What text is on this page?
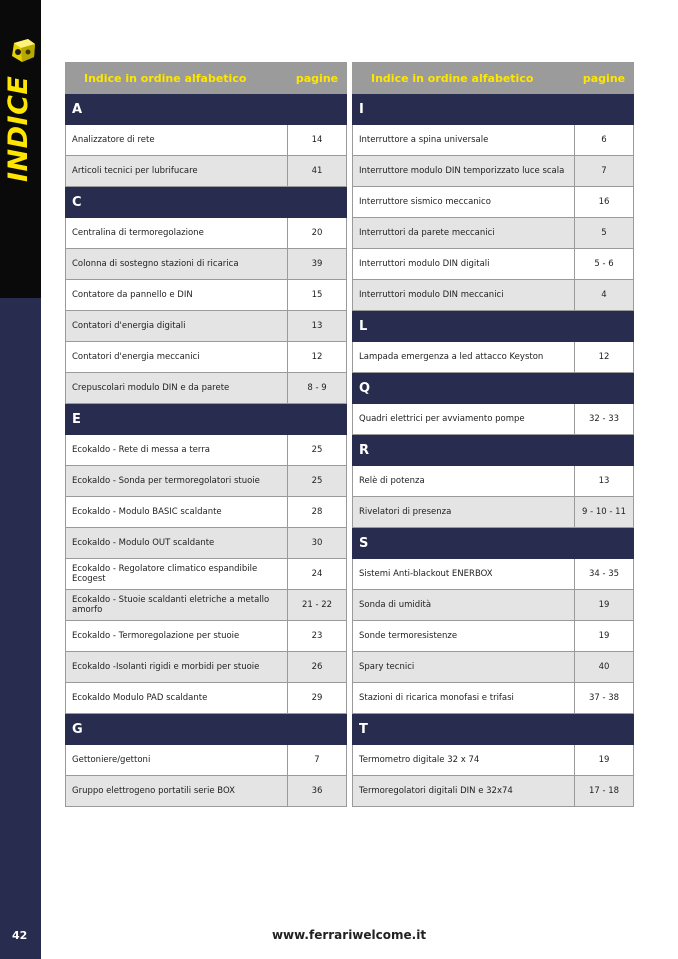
INDICE
42	www.ferrariwelcome.it
Indice in ordine alfabetico	pagine
A	
Analizzatore di rete	14
Articoli tecnici per lubrifucare	41
C	
Centralina di termoregolazione	20
Colonna di sostegno stazioni di ricarica	39
Contatore da pannello e DIN	15
Contatori d'energia digitali	13
Contatori d'energia meccanici	12
Crepuscolari modulo DIN e da parete	8 - 9
E	
Ecokaldo - Rete di messa a terra	25
Ecokaldo - Sonda per termoregolatori stuoie	25
Ecokaldo - Modulo BASIC scaldante	28
Ecokaldo - Modulo OUT scaldante	30
Ecokaldo - Regolatore climatico espandibile Ecogest	24
Ecokaldo - Stuoie scaldanti eletriche a metallo amorfo	21 - 22
Ecokaldo - Termoregolazione per stuoie	23
Ecokaldo -Isolanti rigidi e morbidi per stuoie	26
Ecokaldo Modulo PAD scaldante	29
G	
Gettoniere/gettoni	7
Gruppo elettrogeno portatili serie BOX	36
Indice in ordine alfabetico	pagine
I	
Interruttore a spina universale	6
Interruttore modulo DIN temporizzato luce scala	7
Interruttore sismico meccanico	16
Interruttori da parete meccanici	5
Interruttori modulo DIN digitali	5 - 6
Interruttori modulo DIN meccanici	4
L	
Lampada emergenza a led attacco Keyston	12
Q	
Quadri elettrici per avviamento pompe	32 - 33
R	
Relè di potenza	13
Rivelatori di presenza	9 - 10 - 11
S	
Sistemi Anti-blackout ENERBOX	34 - 35
Sonda di umidità	19
Sonde termoresistenze	19
Spary tecnici	40
Stazioni di ricarica monofasi e trifasi	37 - 38
T	
Termometro digitale 32 x 74	19
Termoregolatori digitali DIN e 32x74	17 - 18
